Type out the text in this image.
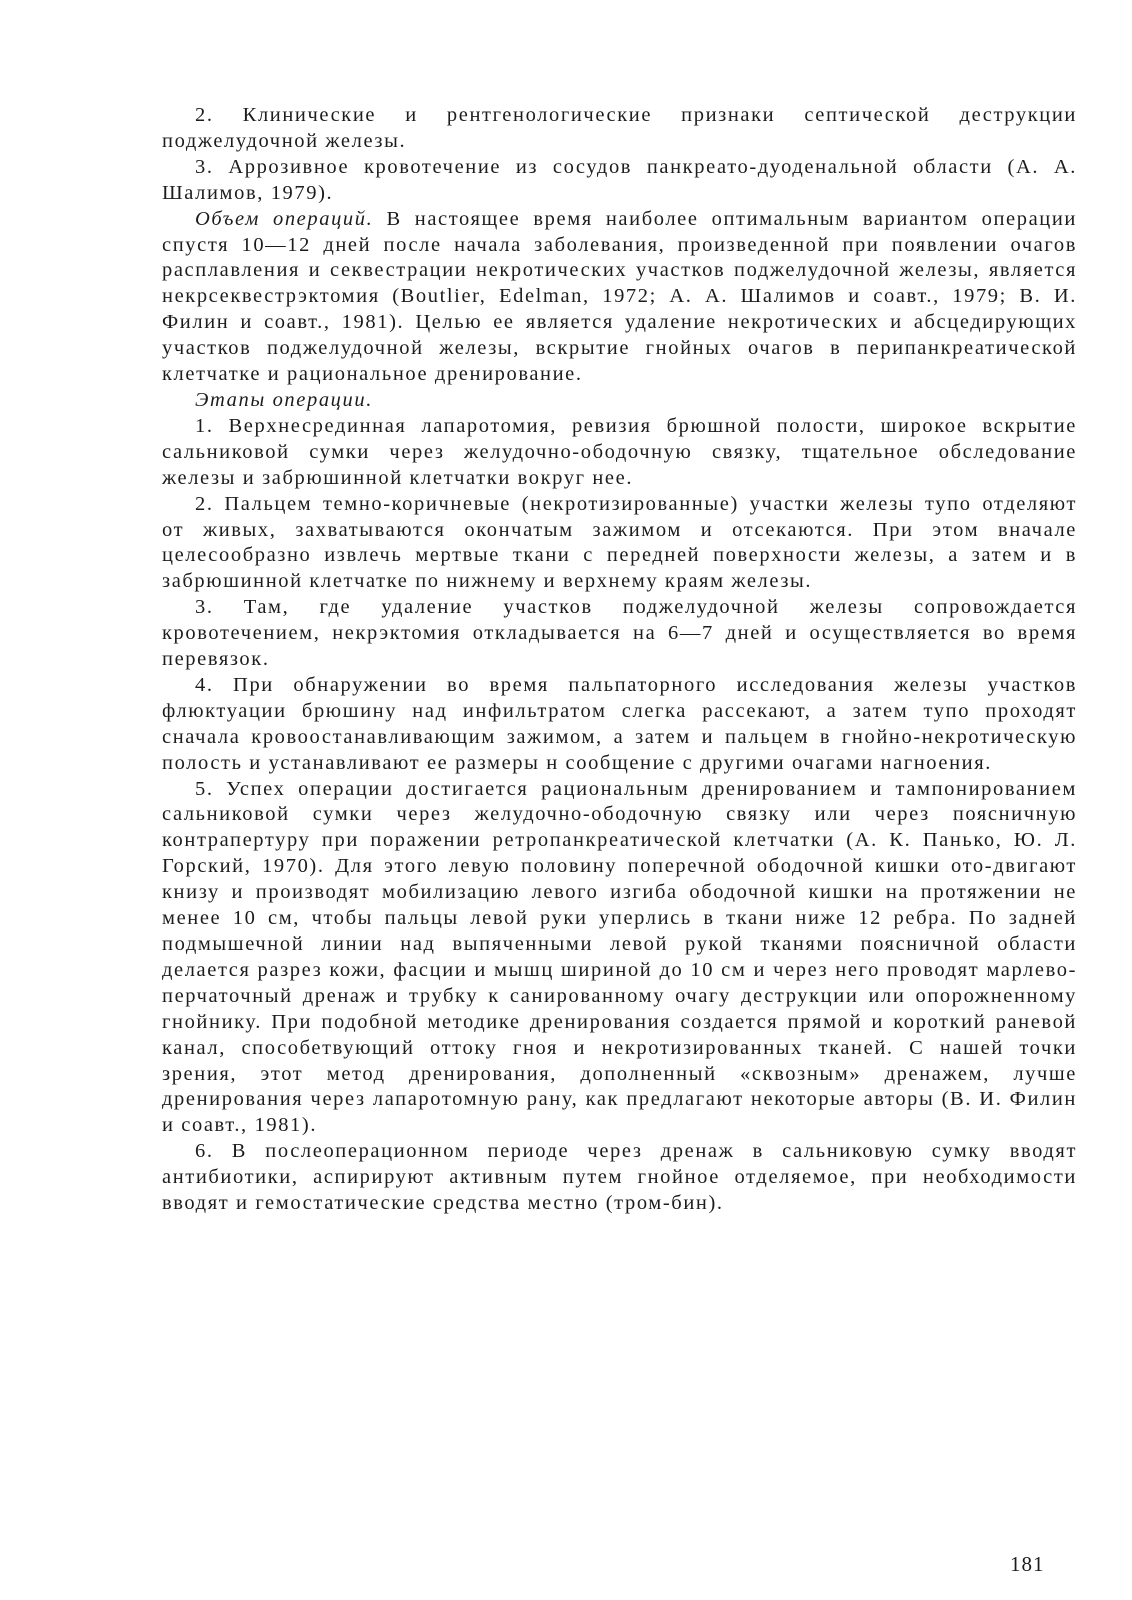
2. Клинические и рентгенологические признаки септической деструкции поджелудочной железы.

3. Аррозивное кровотечение из сосудов панкреато-дуоденальной области (А. А. Шалимов, 1979).

Объем операций. В настоящее время наиболее оптимальным вариантом операции спустя 10—12 дней после начала заболевания, произведенной при появлении очагов расплавления и секвестрации некротических участков поджелудочной железы, является некрсеквестрэктомия (Boutlier, Edelman, 1972; А. А. Шалимов и соавт., 1979; В. И. Филин и соавт., 1981). Целью ее является удаление некротических и абсцедирующих участков поджелудочной железы, вскрытие гнойных очагов в перипанкреатической клетчатке и рациональное дренирование.

Этапы операции.

1. Верхнесрединная лапаротомия, ревизия брюшной полости, широкое вскрытие сальниковой сумки через желудочно-ободочную связку, тщательное обследование железы и забрюшинной клетчатки вокруг нее.

2. Пальцем темно-коричневые (некротизированные) участки железы тупо отделяют от живых, захватываются окончатым зажимом и отсекаются. При этом вначале целесообразно извлечь мертвые ткани с передней поверхности железы, а затем и в забрюшинной клетчатке по нижнему и верхнему краям железы.

3. Там, где удаление участков поджелудочной железы сопровождается кровотечением, некрэктомия откладывается на 6—7 дней и осуществляется во время перевязок.

4. При обнаружении во время пальпаторного исследования железы участков флюктуации брюшину над инфильтратом слегка рассекают, а затем тупо проходят сначала кровоостанавливающим зажимом, а затем и пальцем в гнойно-некротическую полость и устанавливают ее размеры н сообщение с другими очагами нагноения.

5. Успех операции достигается рациональным дренированием и тампонированием сальниковой сумки через желудочно-ободочную связку или через поясничную контрапертуру при поражении ретропанкреатической клетчатки (А. К. Панько, Ю. Л. Горский, 1970). Для этого левую половину поперечной ободочной кишки ото-двигают книзу и производят мобилизацию левого изгиба ободочной кишки на протяжении не менее 10 см, чтобы пальцы левой руки уперлись в ткани ниже 12 ребра. По задней подмышечной линии над выпяченными левой рукой тканями поясничной области делается разрез кожи, фасции и мышц шириной до 10 см и через него проводят марлево-перчаточный дренаж и трубку к санированному очагу деструкции или опорожненному гнойнику. При подобной методике дренирования создается прямой и короткий раневой канал, способетвующий оттоку гноя и некротизированных тканей. С нашей точки зрения, этот метод дренирования, дополненный «сквозным» дренажем, лучше дренирования через лапаротомную рану, как предлагают некоторые авторы (В. И. Филин и соавт., 1981).

6. В послеоперационном периоде через дренаж в сальниковую сумку вводят антибиотики, аспирируют активным путем гнойное отделяемое, при необходимости вводят и гемостатические средства местно (тром-бин).

181
